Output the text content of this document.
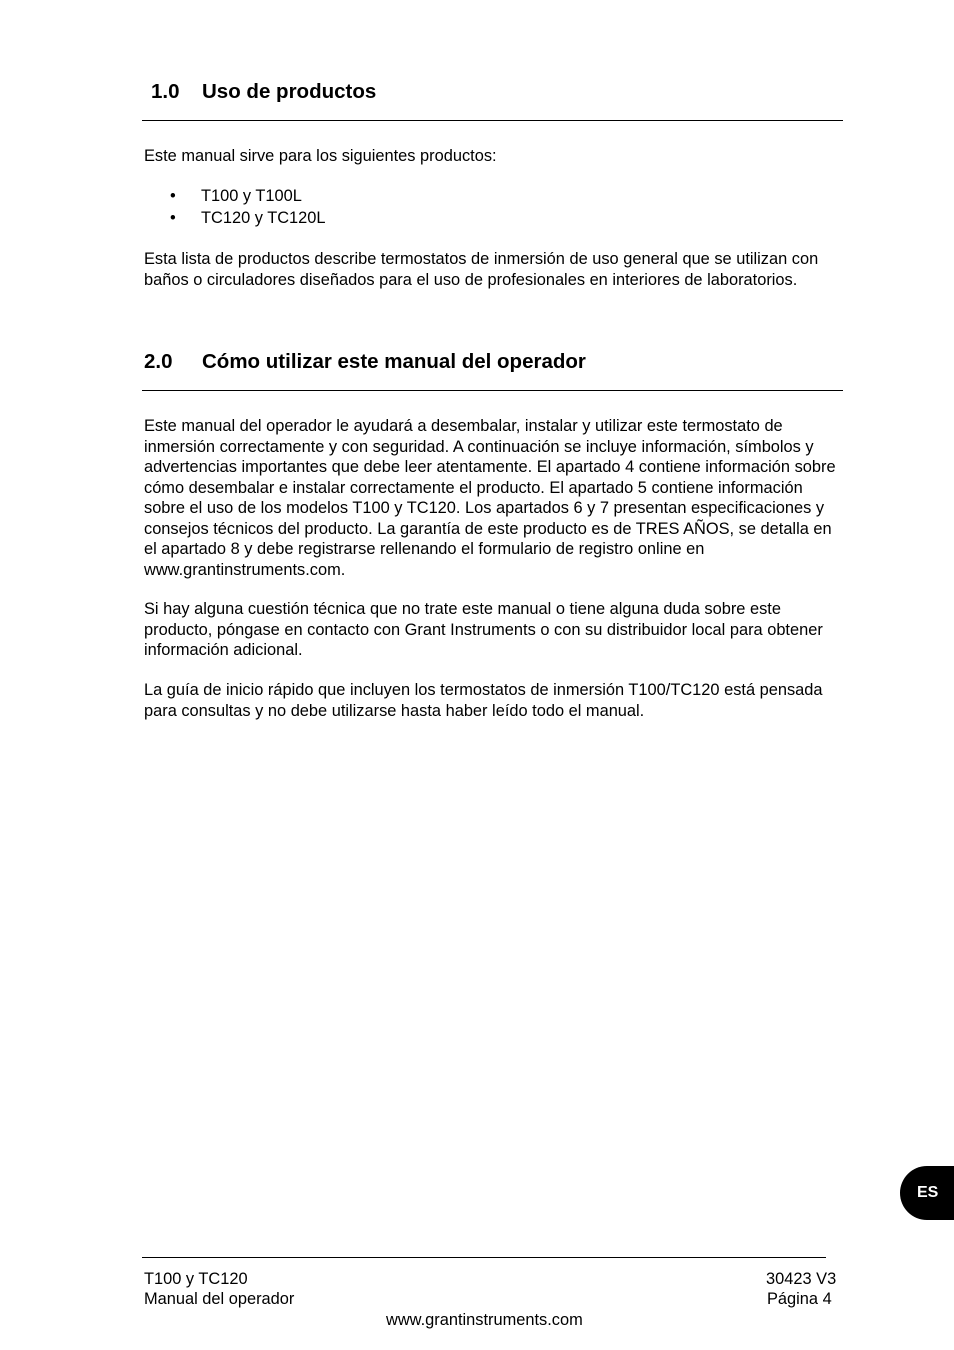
1.0 Uso de productos

Este manual sirve para los siguientes productos:

• T100 y T100L
• TC120 y TC120L

Esta lista de productos describe termostatos de inmersión de uso general que se utilizan con baños o circuladores diseñados para el uso de profesionales en interiores de laboratorios.

2.0 Cómo utilizar este manual del operador

Este manual del operador le ayudará a desembalar, instalar y utilizar este termostato de inmersión correctamente y con seguridad. A continuación se incluye información, símbolos y advertencias importantes que debe leer atentamente. El apartado 4 contiene información sobre cómo desembalar e instalar correctamente el producto. El apartado 5 contiene información sobre el uso de los modelos T100 y TC120. Los apartados 6 y 7 presentan especificaciones y consejos técnicos del producto. La garantía de este producto es de TRES AÑOS, se detalla en el apartado 8 y debe registrarse rellenando el formulario de registro online en www.grantinstruments.com.

Si hay alguna cuestión técnica que no trate este manual o tiene alguna duda sobre este producto, póngase en contacto con Grant Instruments o con su distribuidor local para obtener información adicional.

La guía de inicio rápido que incluyen los termostatos de inmersión T100/TC120 está pensada para consultas y no debe utilizarse hasta haber leído todo el manual.

ES

T100 y TC120

Manual del operador

30423 V3

Página 4

www.grantinstruments.com
